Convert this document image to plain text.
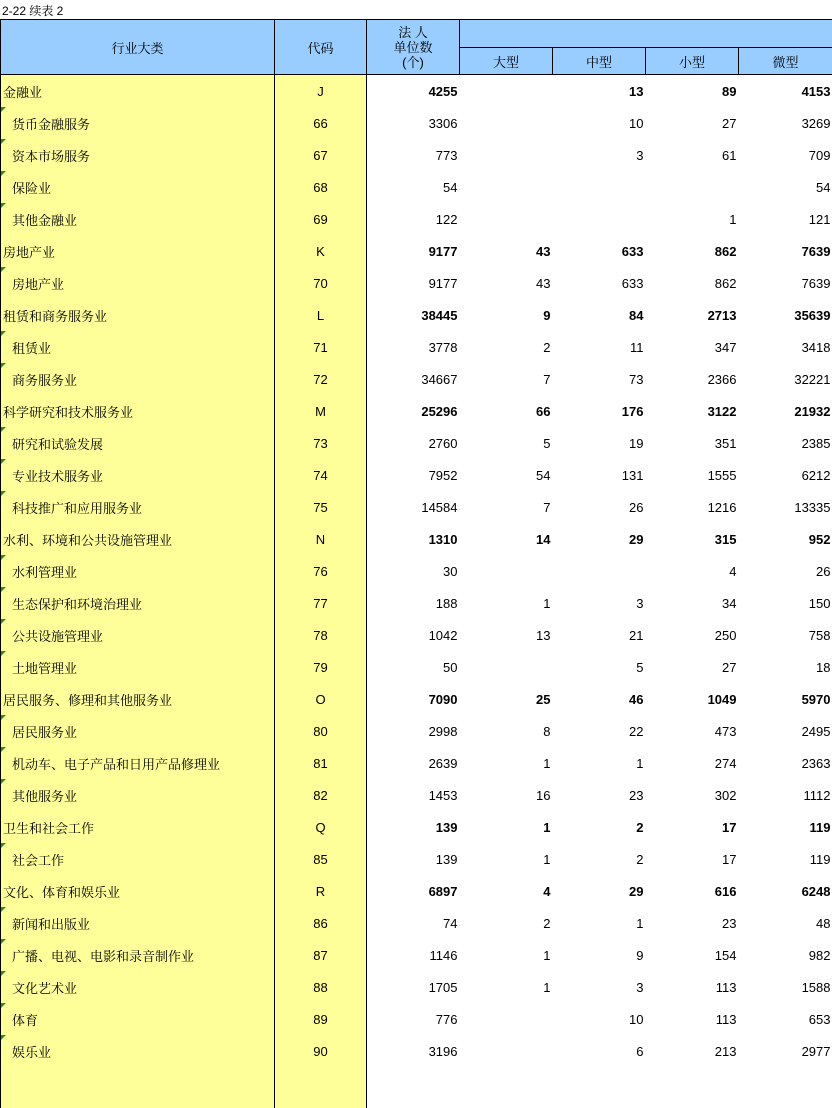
2-22 续表 2
行业大类	代码	法 人
单位数
(个)				

			大型	中型	小型	微型
金融业	J	4255		13	89	4153

货币金融服务	66	3306		10	27	3269

资本市场服务	67	773		3	61	709

保险业	68	54				54

其他金融业	69	122			1	121
房地产业	K	9177	43	633	862	7639

房地产业	70	9177	43	633	862	7639
租赁和商务服务业	L	38445	9	84	2713	35639

租赁业	71	3778	2	11	347	3418

商务服务业	72	34667	7	73	2366	32221
科学研究和技术服务业	M	25296	66	176	3122	21932

研究和试验发展	73	2760	5	19	351	2385

专业技术服务业	74	7952	54	131	1555	6212

科技推广和应用服务业	75	14584	7	26	1216	13335
水利、环境和公共设施管理业	N	1310	14	29	315	952

水利管理业	76	30			4	26

生态保护和环境治理业	77	188	1	3	34	150

公共设施管理业	78	1042	13	21	250	758

土地管理业	79	50		5	27	18
居民服务、修理和其他服务业	O	7090	25	46	1049	5970

居民服务业	80	2998	8	22	473	2495

机动车、电子产品和日用产品修理业	81	2639	1	1	274	2363

其他服务业	82	1453	16	23	302	1112
卫生和社会工作	Q	139	1	2	17	119

社会工作	85	139	1	2	17	119
文化、体育和娱乐业	R	6897	4	29	616	6248

新闻和出版业	86	74	2	1	23	48

广播、电视、电影和录音制作业	87	1146	1	9	154	982

文化艺术业	88	1705	1	3	113	1588

体育	89	776		10	113	653

娱乐业	90	3196		6	213	2977
